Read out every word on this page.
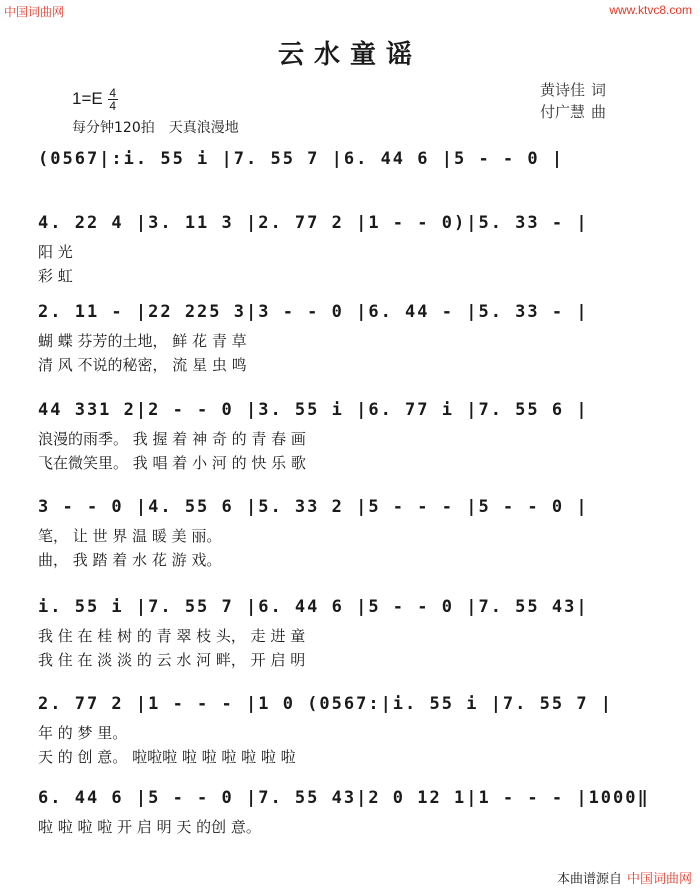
中国词曲网	www.ktvc8.com
云水童谣
$1=E \frac{4}{4}$
每分钟120拍 天真浪漫地
黄诗佳 词
付广慧 曲
(0567|:i. 55 i |7. 55 7 |6. 44 6 |5 - - 0 |
4. 22 4 |3. 11 3 |2. 77 2 |1 - - 0)|5. 33 - |
阳 光
彩 虹
2. 11 - |22 225 3|3 - - 0 |6. 44 - |5. 33 - |
蝴 蝶 芬芳的土地， 鲜 花 青 草
清 风 不说的秘密， 流 星 虫 鸣
44 331 2|2 - - 0 |3. 55 i |6. 77 i |7. 55 6 |
浪漫的雨季。 我 握 着 神 奇 的 青 春 画
飞在微笑里。 我 唱 着 小 河 的 快 乐 歌
3 - - 0 |4. 55 6 |5. 33 2 |5 - - - |5 - - 0 |
笔， 让 世 界 温 暖 美 丽。
曲， 我 踏 着 水 花 游 戏。
i. 55 i |7. 55 7 |6. 44 6 |5 - - 0 |7. 55 43|
我 住 在 桂 树 的 青 翠 枝 头， 走 进 童
我 住 在 淡 淡 的 云 水 河 畔， 开 启 明
2. 77 2 |1 - - - |1 0 (0567:|i. 55 i |7. 55 7 |
年 的 梦 里。
天 的 创 意。 啦啦啦 啦 啦 啦 啦 啦 啦
6. 44 6 |5 - - 0 |7. 55 43|2 0 12 1|1 - - - |1000‖
啦 啦 啦 啦 开 启 明 天 的创 意。
本曲谱源自 中国词曲网
